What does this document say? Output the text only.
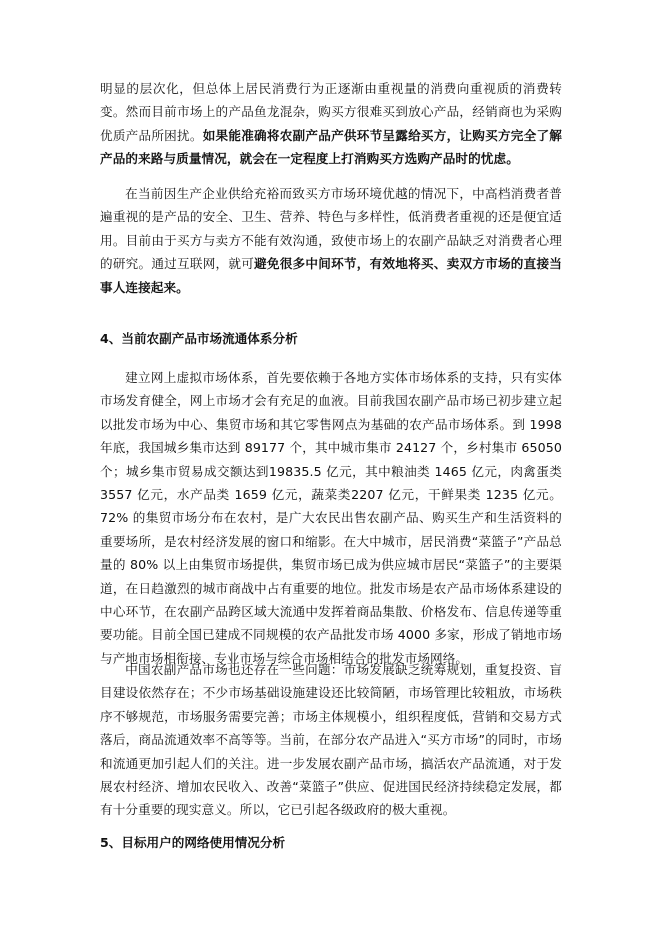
明显的层次化，但总体上居民消费行为正逐渐由重视量的消费向重视质的消费转变。然而目前市场上的产品鱼龙混杂，购买方很难买到放心产品，经销商也为采购优质产品所困扰。如果能准确将农副产品产供环节呈露给买方，让购买方完全了解产品的来路与质量情况，就会在一定程度上打消购买方选购产品时的忧虑。

在当前因生产企业供给充裕而致买方市场环境优越的情况下，中高档消费者普遍重视的是产品的安全、卫生、营养、特色与多样性，低消费者重视的还是便宜适用。目前由于买方与卖方不能有效沟通，致使市场上的农副产品缺乏对消费者心理的研究。通过互联网，就可避免很多中间环节，有效地将买、卖双方市场的直接当事人连接起来。

4、当前农副产品市场流通体系分析

建立网上虚拟市场体系，首先要依赖于各地方实体市场体系的支持，只有实体市场发育健全，网上市场才会有充足的血液。目前我国农副产品市场已初步建立起以批发市场为中心、集贸市场和其它零售网点为基础的农产品市场体系。到 1998 年底，我国城乡集市达到 89177 个，其中城市集市 24127 个，乡村集市 65050 个；城乡集市贸易成交额达到19835.5 亿元，其中粮油类 1465 亿元，肉禽蛋类 3557 亿元，水产品类 1659 亿元，蔬菜类2207 亿元，干鲜果类 1235 亿元。72% 的集贸市场分布在农村，是广大农民出售农副产品、购买生产和生活资料的重要场所，是农村经济发展的窗口和缩影。在大中城市，居民消费“菜篮子”产品总量的 80% 以上由集贸市场提供，集贸市场已成为供应城市居民“菜篮子”的主要渠道，在日趋激烈的城市商战中占有重要的地位。批发市场是农产品市场体系建设的中心环节，在农副产品跨区域大流通中发挥着商品集散、价格发布、信息传递等重要功能。目前全国已建成不同规模的农产品批发市场 4000 多家，形成了销地市场与产地市场相衔接、专业市场与综合市场相结合的批发市场网络。

中国农副产品市场也还存在一些问题：市场发展缺乏统筹规划，重复投资、盲目建设依然存在；不少市场基础设施建设还比较简陋，市场管理比较粗放，市场秩序不够规范，市场服务需要完善；市场主体规模小，组织程度低，营销和交易方式落后，商品流通效率不高等等。当前，在部分农产品进入“买方市场”的同时，市场和流通更加引起人们的关注。进一步发展农副产品市场，搞活农产品流通，对于发展农村经济、增加农民收入、改善“菜篮子”供应、促进国民经济持续稳定发展，都有十分重要的现实意义。所以，它已引起各级政府的极大重视。

5、目标用户的网络使用情况分析
